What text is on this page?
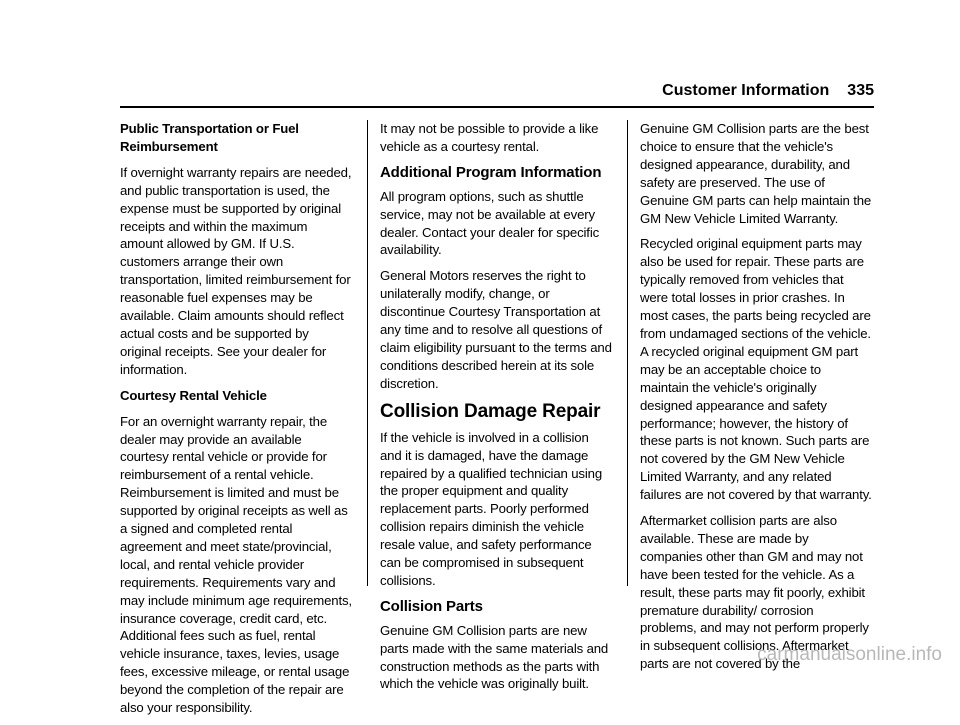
Customer Information 335

Public Transportation or Fuel Reimbursement

If overnight warranty repairs are needed, and public transportation is used, the expense must be supported by original receipts and within the maximum amount allowed by GM. If U.S. customers arrange their own transportation, limited reimbursement for reasonable fuel expenses may be available. Claim amounts should reflect actual costs and be supported by original receipts. See your dealer for information.

Courtesy Rental Vehicle

For an overnight warranty repair, the dealer may provide an available courtesy rental vehicle or provide for reimbursement of a rental vehicle. Reimbursement is limited and must be supported by original receipts as well as a signed and completed rental agreement and meet state/provincial, local, and rental vehicle provider requirements. Requirements vary and may include minimum age requirements, insurance coverage, credit card, etc. Additional fees such as fuel, rental vehicle insurance, taxes, levies, usage fees, excessive mileage, or rental usage beyond the completion of the repair are also your responsibility.

It may not be possible to provide a like vehicle as a courtesy rental.

Additional Program Information

All program options, such as shuttle service, may not be available at every dealer. Contact your dealer for specific availability.

General Motors reserves the right to unilaterally modify, change, or discontinue Courtesy Transportation at any time and to resolve all questions of claim eligibility pursuant to the terms and conditions described herein at its sole discretion.

Collision Damage Repair

If the vehicle is involved in a collision and it is damaged, have the damage repaired by a qualified technician using the proper equipment and quality replacement parts. Poorly performed collision repairs diminish the vehicle resale value, and safety performance can be compromised in subsequent collisions.

Collision Parts

Genuine GM Collision parts are new parts made with the same materials and construction methods as the parts with which the vehicle was originally built.

Genuine GM Collision parts are the best choice to ensure that the vehicle's designed appearance, durability, and safety are preserved. The use of Genuine GM parts can help maintain the GM New Vehicle Limited Warranty.

Recycled original equipment parts may also be used for repair. These parts are typically removed from vehicles that were total losses in prior crashes. In most cases, the parts being recycled are from undamaged sections of the vehicle. A recycled original equipment GM part may be an acceptable choice to maintain the vehicle's originally designed appearance and safety performance; however, the history of these parts is not known. Such parts are not covered by the GM New Vehicle Limited Warranty, and any related failures are not covered by that warranty.

Aftermarket collision parts are also available. These are made by companies other than GM and may not have been tested for the vehicle. As a result, these parts may fit poorly, exhibit premature durability/ corrosion problems, and may not perform properly in subsequent collisions. Aftermarket parts are not covered by the

carmanualsonline.info
